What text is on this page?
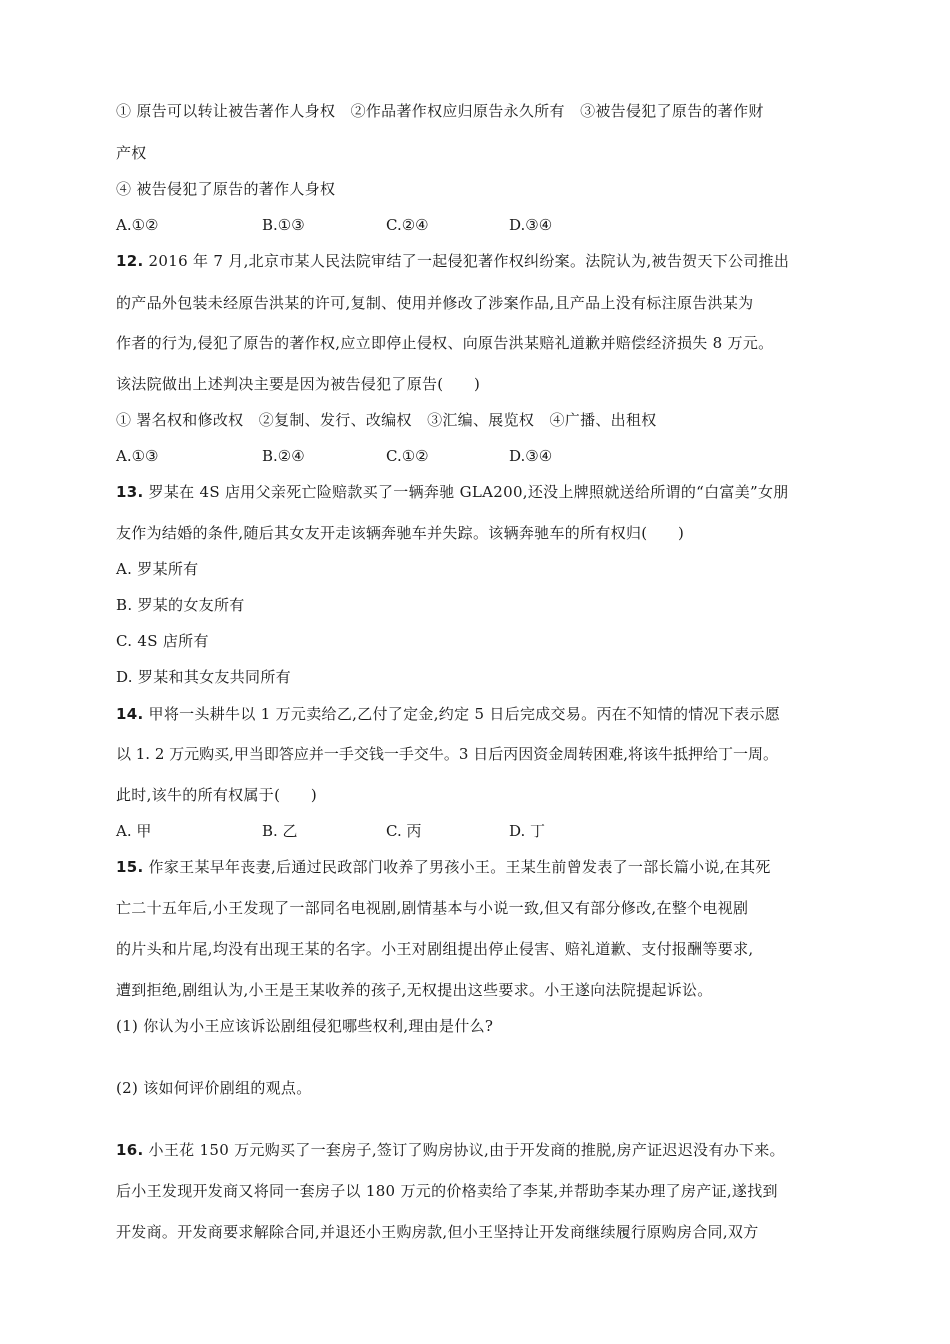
① 原告可以转让被告著作人身权　②作品著作权应归原告永久所有　③被告侵犯了原告的著作财
产权
④ 被告侵犯了原告的著作人身权
A.①②	B.①③	C.②④	D.③④
12. 2016 年 7 月,北京市某人民法院审结了一起侵犯著作权纠纷案。法院认为,被告贺天下公司推出
的产品外包装未经原告洪某的许可,复制、使用并修改了涉案作品,且产品上没有标注原告洪某为
作者的行为,侵犯了原告的著作权,应立即停止侵权、向原告洪某赔礼道歉并赔偿经济损失 8 万元。
该法院做出上述判决主要是因为被告侵犯了原告(　　)
① 署名权和修改权　②复制、发行、改编权　③汇编、展览权　④广播、出租权
A.①③	B.②④	C.①②	D.③④
13. 罗某在 4S 店用父亲死亡险赔款买了一辆奔驰 GLA200,还没上牌照就送给所谓的“白富美”女朋
友作为结婚的条件,随后其女友开走该辆奔驰车并失踪。该辆奔驰车的所有权归(　　)
A. 罗某所有
B. 罗某的女友所有
C. 4S 店所有
D. 罗某和其女友共同所有
14. 甲将一头耕牛以 1 万元卖给乙,乙付了定金,约定 5 日后完成交易。丙在不知情的情况下表示愿
以 1. 2 万元购买,甲当即答应并一手交钱一手交牛。3 日后丙因资金周转困难,将该牛抵押给丁一周。
此时,该牛的所有权属于(　　)
A. 甲	B. 乙	C. 丙	D. 丁
15. 作家王某早年丧妻,后通过民政部门收养了男孩小王。王某生前曾发表了一部长篇小说,在其死
亡二十五年后,小王发现了一部同名电视剧,剧情基本与小说一致,但又有部分修改,在整个电视剧
的片头和片尾,均没有出现王某的名字。小王对剧组提出停止侵害、赔礼道歉、支付报酬等要求,
遭到拒绝,剧组认为,小王是王某收养的孩子,无权提出这些要求。小王遂向法院提起诉讼。
(1) 你认为小王应该诉讼剧组侵犯哪些权利,理由是什么?
(2) 该如何评价剧组的观点。
16. 小王花 150 万元购买了一套房子,签订了购房协议,由于开发商的推脱,房产证迟迟没有办下来。
后小王发现开发商又将同一套房子以 180 万元的价格卖给了李某,并帮助李某办理了房产证,遂找到
开发商。开发商要求解除合同,并退还小王购房款,但小王坚持让开发商继续履行原购房合同,双方
